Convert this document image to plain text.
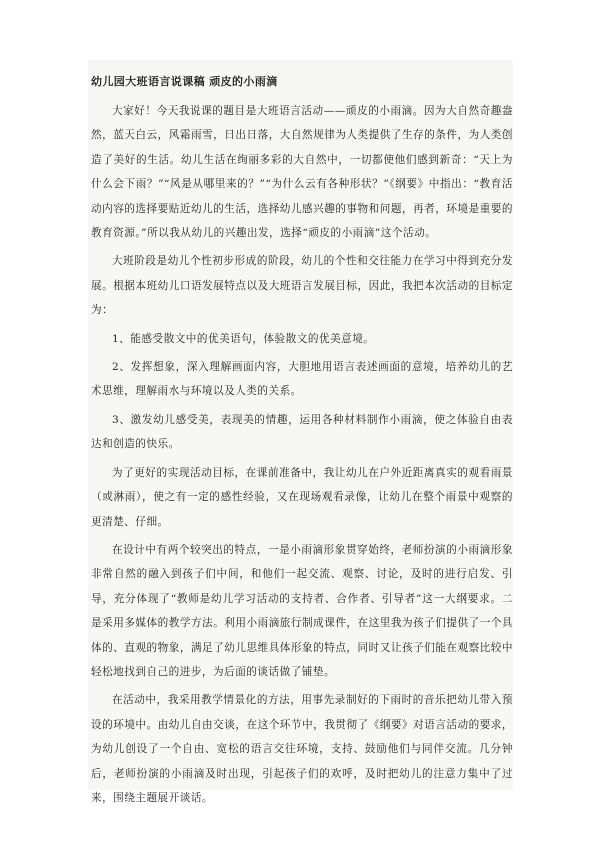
幼儿园大班语言说课稿 顽皮的小雨滴

大家好！今天我说课的题目是大班语言活动——顽皮的小雨滴。因为大自然奇趣盎然，蓝天白云，风霜雨雪，日出日落，大自然规律为人类提供了生存的条件，为人类创造了美好的生活。幼儿生活在绚丽多彩的大自然中，一切都使他们感到新奇：“天上为什么会下雨？”“风是从哪里来的？”“为什么云有各种形状？”《纲要》中指出：“教育活动内容的选择要贴近幼儿的生活，选择幼儿感兴趣的事物和问题，再者，环境是重要的教育资源。”所以我从幼儿的兴趣出发，选择“顽皮的小雨滴”这个活动。

大班阶段是幼儿个性初步形成的阶段，幼儿的个性和交往能力在学习中得到充分发展。根据本班幼儿口语发展特点以及大班语言发展目标，因此，我把本次活动的目标定为：

1、能感受散文中的优美语句，体验散文的优美意境。

2、发挥想象，深入理解画面内容，大胆地用语言表述画面的意境，培养幼儿的艺术思维，理解雨水与环境以及人类的关系。

3、激发幼儿感受美，表现美的情趣，运用各种材料制作小雨滴，使之体验自由表达和创造的快乐。

为了更好的实现活动目标，在课前准备中，我让幼儿在户外近距离真实的观看雨景（或淋雨），使之有一定的感性经验，又在现场观看录像，让幼儿在整个雨景中观察的更清楚、仔细。

在设计中有两个较突出的特点，一是小雨滴形象贯穿始终，老师扮演的小雨滴形象非常自然的融入到孩子们中间，和他们一起交流、观察、讨论，及时的进行启发、引导，充分体现了“教师是幼儿学习活动的支持者、合作者、引导者”这一大纲要求。二是采用多媒体的教学方法。利用小雨滴旅行制成课件，在这里我为孩子们提供了一个具体的、直观的物象，满足了幼儿思维具体形象的特点，同时又让孩子们能在观察比较中轻松地找到自己的进步，为后面的谈话做了铺垫。

在活动中，我采用教学情景化的方法，用事先录制好的下雨时的音乐把幼儿带入预设的环境中。由幼儿自由交谈，在这个环节中，我贯彻了《纲要》对语言活动的要求，为幼儿创设了一个自由、宽松的语言交往环境，支持、鼓励他们与同伴交流。几分钟后，老师扮演的小雨滴及时出现，引起孩子们的欢呼，及时把幼儿的注意力集中了过来，围绕主题展开谈话。
